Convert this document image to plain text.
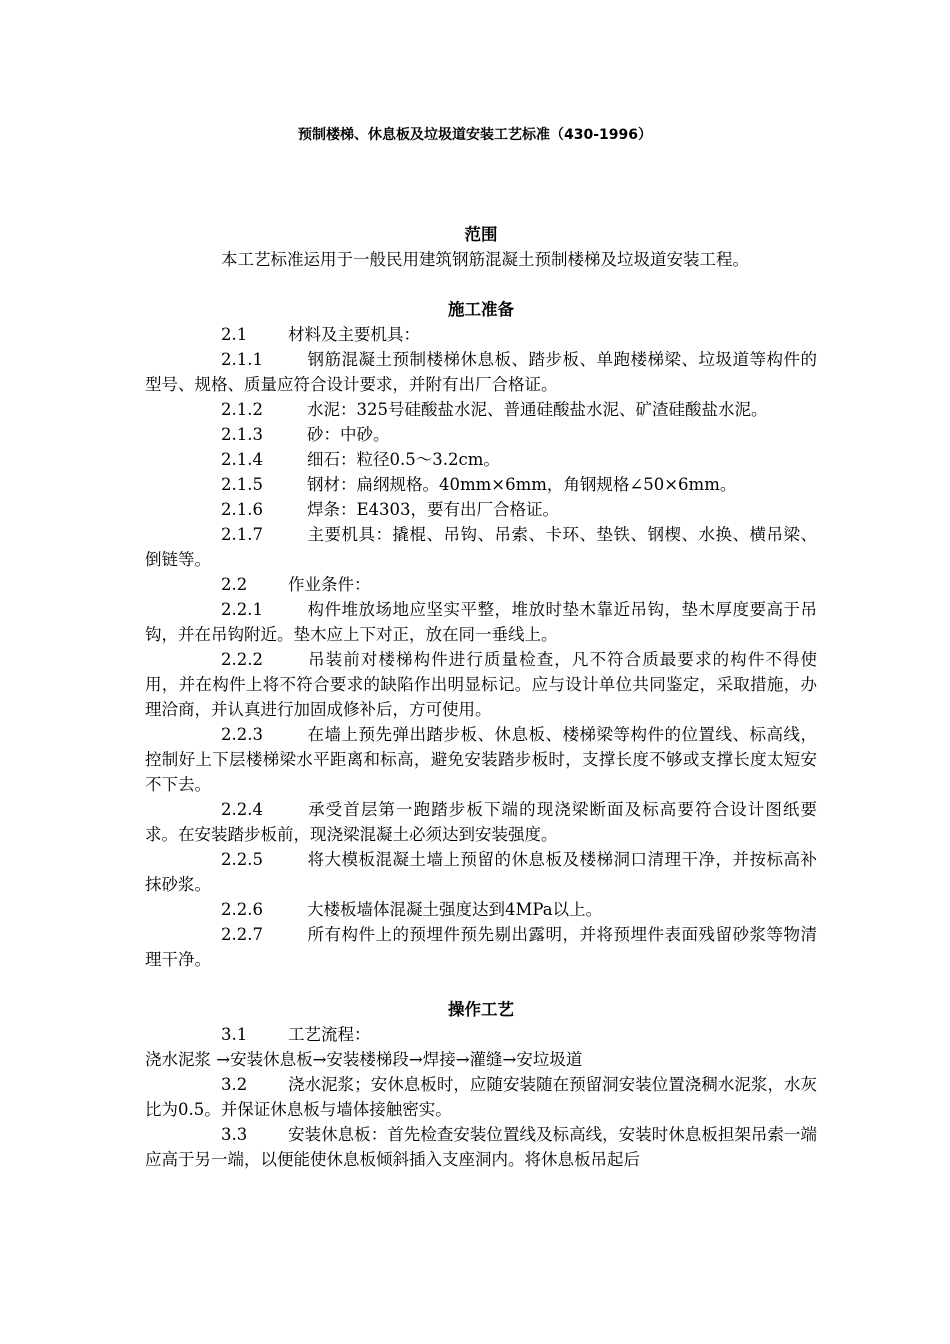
预制楼梯、休息板及垃圾道安装工艺标准（430-1996）
范围
本工艺标准运用于一般民用建筑钢筋混凝土预制楼梯及垃圾道安装工程。
施工准备
2.1 材料及主要机具：
2.1.1	钢筋混凝土预制楼梯休息板、踏步板、单跑楼梯梁、垃圾道等构件的型号、规格、质量应符合设计要求，并附有出厂合格证。
2.1.2	水泥：325号硅酸盐水泥、普通硅酸盐水泥、矿渣硅酸盐水泥。
2.1.3	砂：中砂。
2.1.4	细石：粒径0.5～3.2cm。
2.1.5	钢材：扁纲规格。40mm×6mm，角钢规格∠50×6mm。
2.1.6	焊条：E4303，要有出厂合格证。
2.1.7	主要机具：撬棍、吊钩、吊索、卡环、垫铁、钢楔、水换、横吊梁、倒链等。
2.2 作业条件：
2.2.1	构件堆放场地应坚实平整，堆放时垫木靠近吊钩，垫木厚度要高于吊钩，并在吊钩附近。垫木应上下对正，放在同一垂线上。
2.2.2	吊装前对楼梯构件进行质量检查，凡不符合质最要求的构件不得使用，并在构件上将不符合要求的缺陷作出明显标记。应与设计单位共同鉴定，采取措施，办理洽商，并认真进行加固成修补后，方可使用。
2.2.3	在墙上预先弹出踏步板、休息板、楼梯梁等构件的位置线、标高线，控制好上下层楼梯梁水平距离和标高，避免安装踏步板时，支撑长度不够或支撑长度太短安不下去。
2.2.4	承受首层第一跑踏步板下端的现浇梁断面及标高要符合设计图纸要求。在安装踏步板前，现浇梁混凝土必须达到安装强度。
2.2.5	将大模板混凝土墙上预留的休息板及楼梯洞口清理干净，并按标高补抹砂浆。
2.2.6	大楼板墙体混凝土强度达到4MPa以上。
2.2.7	所有构件上的预埋件预先剔出露明，并将预埋件表面残留砂浆等物清理干净。
操作工艺
3.1 工艺流程：
浇水泥浆 →安装休息板→安装楼梯段→焊接→灌缝→安垃圾道
3.2 浇水泥浆；安休息板时，应随安装随在预留洞安装位置浇稠水泥浆，水灰比为0.5。并保证休息板与墙体接触密实。
3.3 安装休息板：首先检查安装位置线及标高线，安装时休息板担架吊索一端应高于另一端，以便能使休息板倾斜插入支座洞内。将休息板吊起后
